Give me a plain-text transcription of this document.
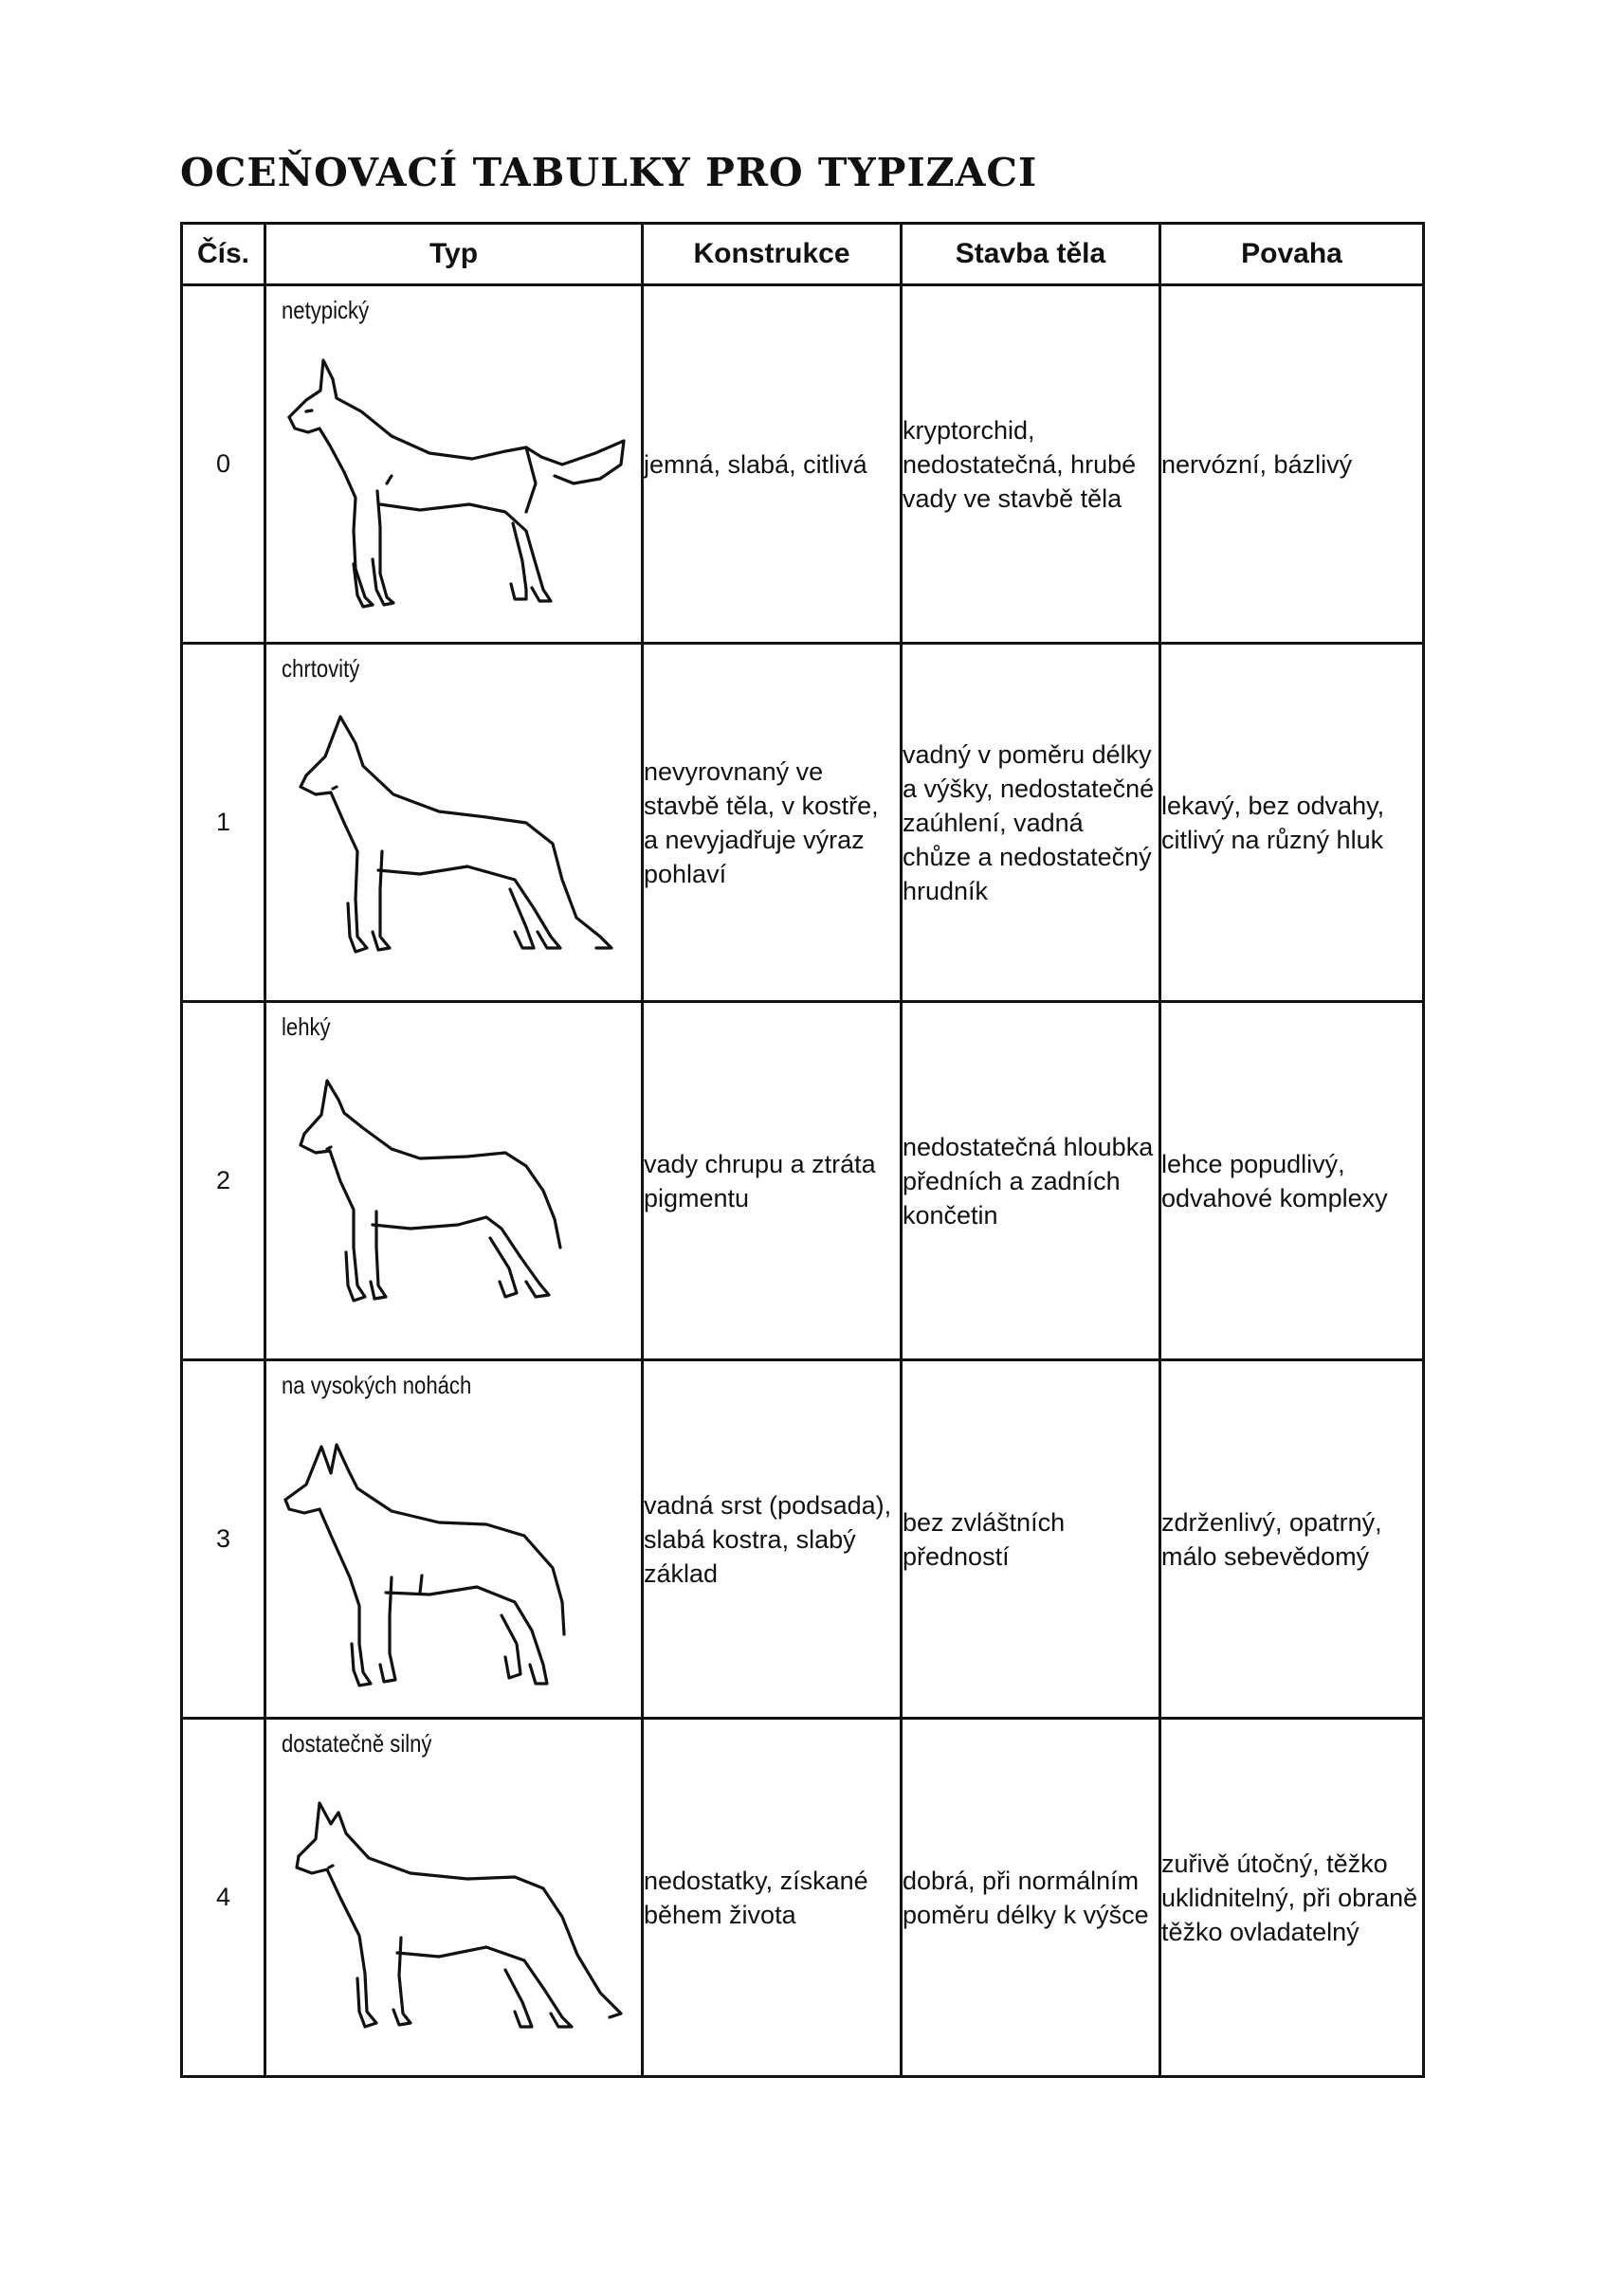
OCEŇOVACÍ TABULKY PRO TYPIZACI
Čís.	Typ	Konstrukce	Stavba těla	Povaha
0	netypický	jemná, slabá, citlivá	kryptorchid, nedostatečná, hrubé vady ve stavbě těla	nervózní, bázlivý

1	chrtovitý	nevyrovnaný ve stavbě těla, v kostře, a nevyjadřuje výraz pohlaví	vadný v poměru délky a výšky, nedostatečné zaúhlení, vadná chůze a nedostatečný hrudník	lekavý, bez odvahy, citlivý na různý hluk

2	lehký	vady chrupu a ztráta pigmentu	nedostatečná hloubka předních a zadních končetin	lehce popudlivý, odvahové komplexy

3	na vysokých nohách	vadná srst (podsada), slabá kostra, slabý základ	bez zvláštních předností	zdrženlivý, opatrný, málo sebevědomý

4	dostatečně silný	nedostatky, získané během života	dobrá, při normálním poměru délky k výšce	zuřivě útočný, těžko uklidnitelný, při obraně těžko ovladatelný
